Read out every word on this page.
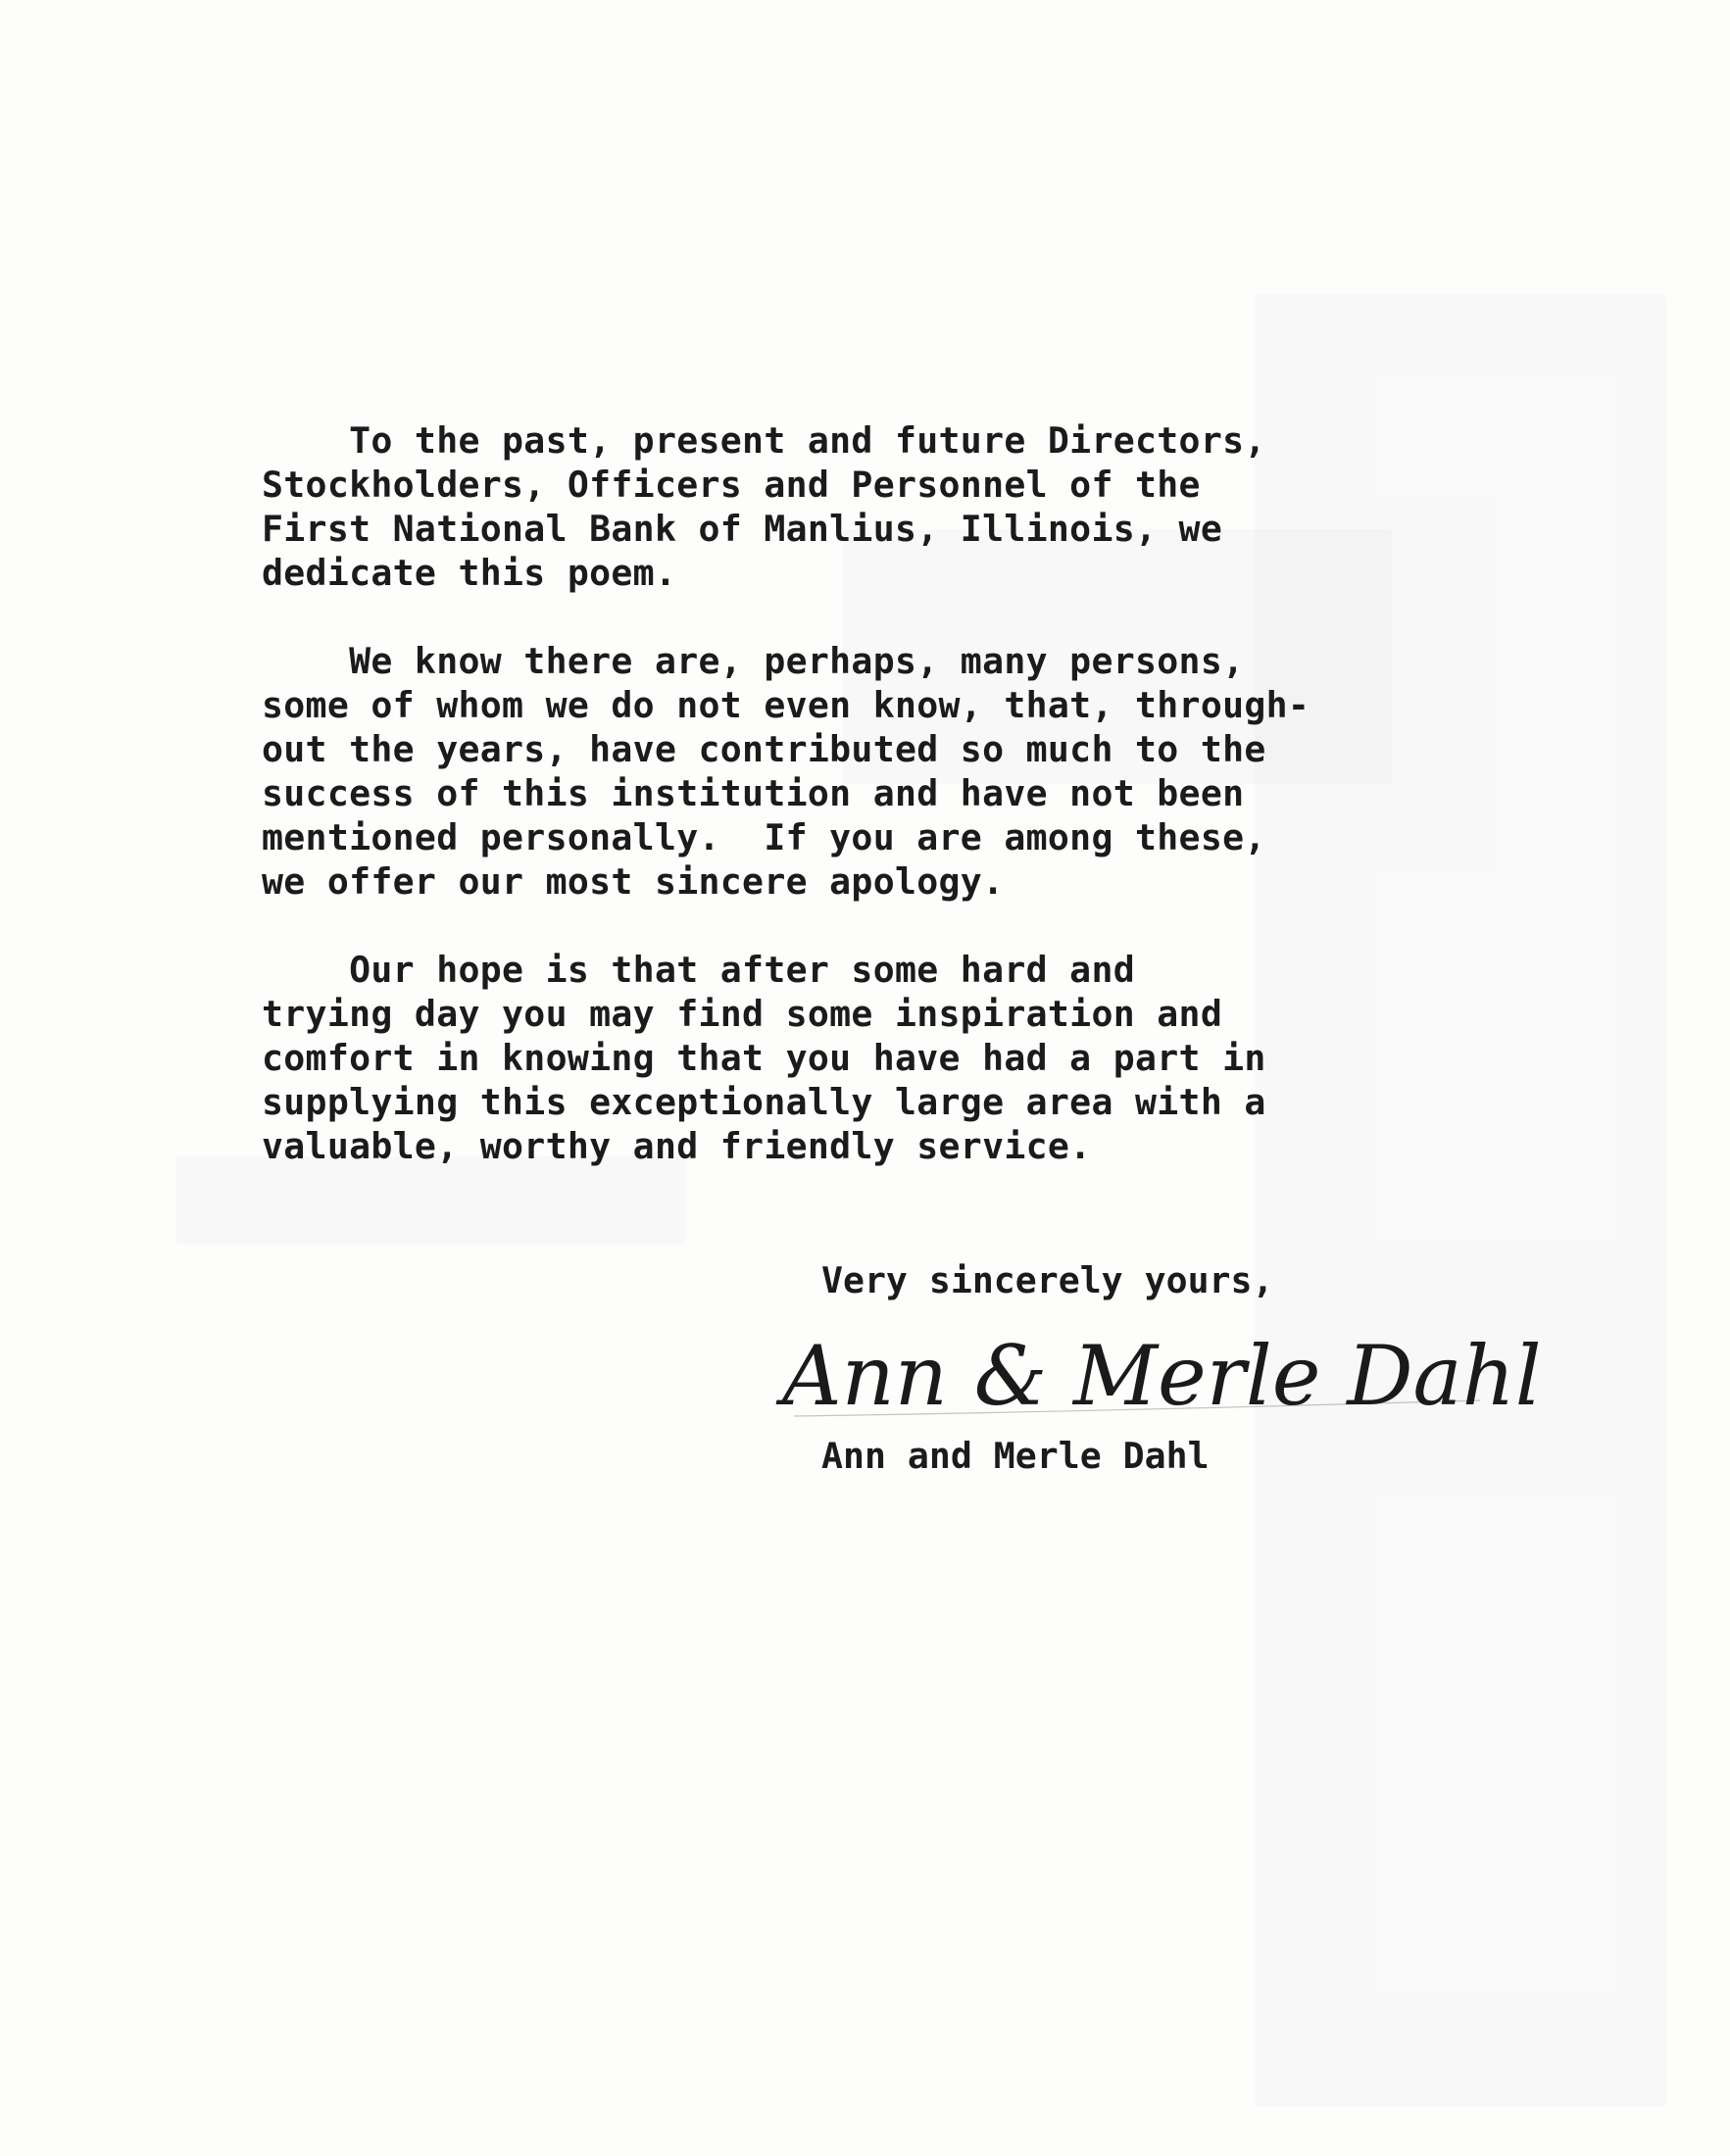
To the past, present and future Directors,
Stockholders, Officers and Personnel of the
First National Bank of Manlius, Illinois, we
dedicate this poem.
We know there are, perhaps, many persons,
some of whom we do not even know, that, through-
out the years, have contributed so much to the
success of this institution and have not been
mentioned personally.  If you are among these,
we offer our most sincere apology.
Our hope is that after some hard and
trying day you may find some inspiration and
comfort in knowing that you have had a part in
supplying this exceptionally large area with a
valuable, worthy and friendly service.
Very sincerely yours,
Ann & Merle Dahl.
Ann and Merle Dahl
